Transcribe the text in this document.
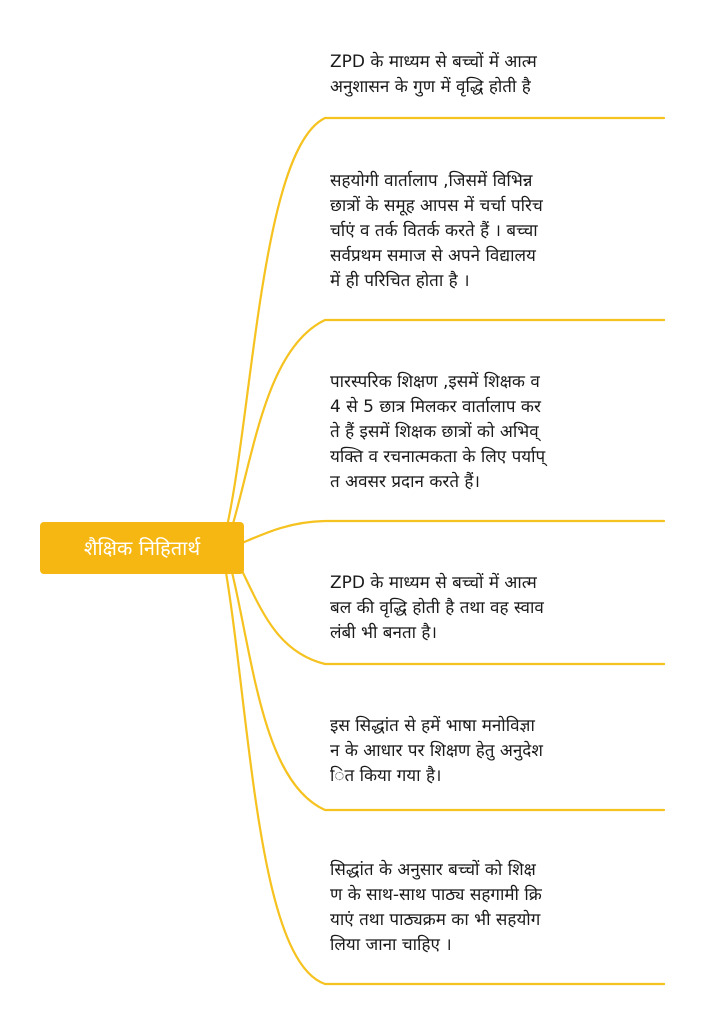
शैक्षिक निहितार्थ
ZPD के माध्यम से बच्चों में आत्म
अनुशासन के गुण में वृद्धि होती है
सहयोगी वार्तालाप ,जिसमें विभिन्न
छात्रों के समूह आपस में चर्चा परिच
र्चाएं व तर्क वितर्क करते हैं । बच्चा
सर्वप्रथम समाज से अपने विद्यालय
में ही परिचित होता है ।
पारस्परिक शिक्षण ,इसमें शिक्षक व
4 से 5 छात्र मिलकर वार्तालाप कर
ते हैं इसमें शिक्षक छात्रों को अभिव्
यक्ति व रचनात्मकता के लिए पर्याप्
त अवसर प्रदान करते हैं।
ZPD के माध्यम से बच्चों में आत्म
बल की वृद्धि होती है तथा वह स्वाव
लंबी भी बनता है।
इस सिद्धांत से हमें भाषा मनोविज्ञा
न के आधार पर शिक्षण हेतु अनुदेश
ित किया गया है।
सिद्धांत के अनुसार बच्चों को शिक्ष
ण के साथ-साथ पाठ्य सहगामी क्रि
याएं तथा पाठ्यक्रम का भी सहयोग
लिया जाना चाहिए ।
